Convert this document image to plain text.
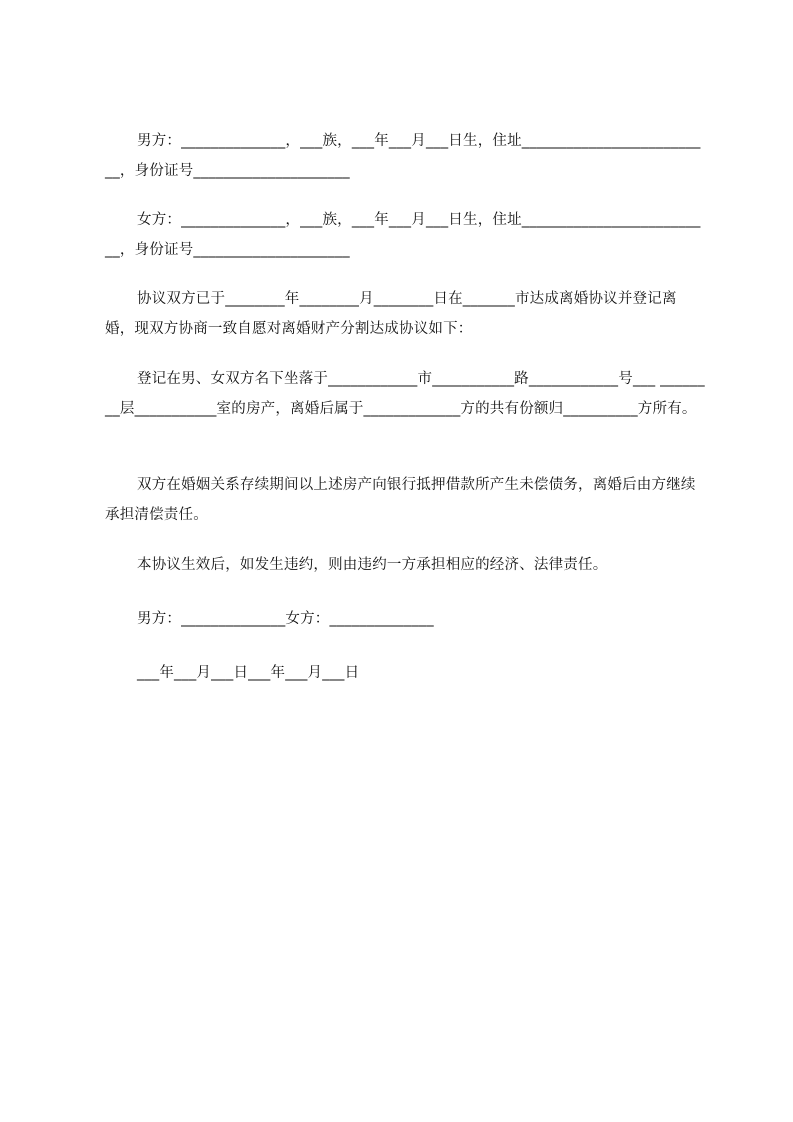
男方：______________，___族，___年___月___日生，住址__________________________，身份证号_____________________
女方：______________，___族，___年___月___日生，住址__________________________，身份证号_____________________
协议双方已于________年________月________日在_______市达成离婚协议并登记离婚，现双方协商一致自愿对离婚财产分割达成协议如下：
登记在男、女双方名下坐落于____________市___________路____________号___ ________层___________室的房产，离婚后属于_____________方的共有份额归__________方所有。
双方在婚姻关系存续期间以上述房产向银行抵押借款所产生未偿债务，离婚后由方继续承担清偿责任。
本协议生效后，如发生违约，则由违约一方承担相应的经济、法律责任。
男方：______________女方：______________
___年___月___日___年___月___日
